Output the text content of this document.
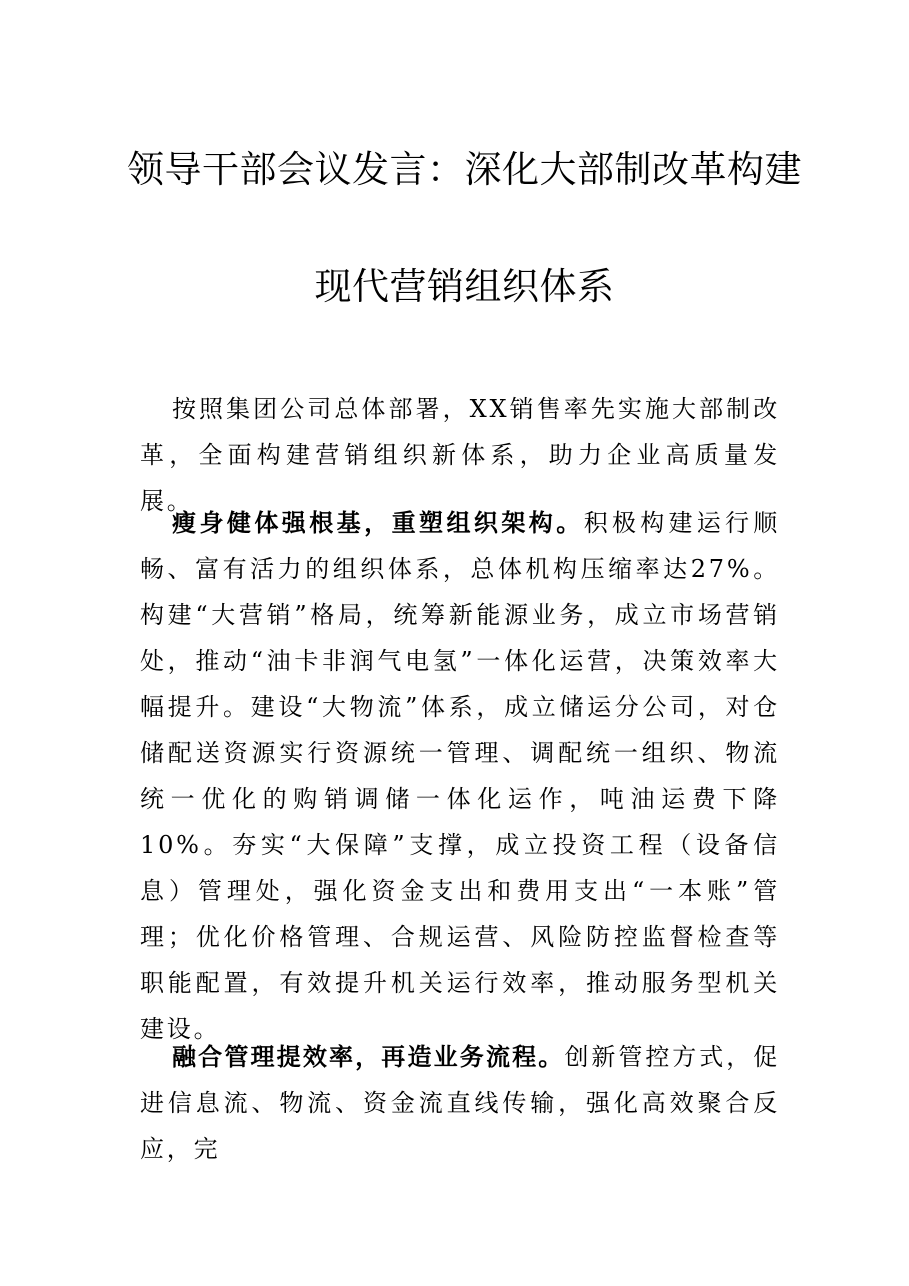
领导干部会议发言：深化大部制改革构建
现代营销组织体系

按照集团公司总体部署，XX销售率先实施大部制改革，全面构建营销组织新体系，助力企业高质量发展。

瘦身健体强根基，重塑组织架构。积极构建运行顺畅、富有活力的组织体系，总体机构压缩率达27%。构建“大营销”格局，统筹新能源业务，成立市场营销处，推动“油卡非润气电氢”一体化运营，决策效率大幅提升。建设“大物流”体系，成立储运分公司，对仓储配送资源实行资源统一管理、调配统一组织、物流统一优化的购销调储一体化运作，吨油运费下降10%。夯实“大保障”支撑，成立投资工程（设备信息）管理处，强化资金支出和费用支出“一本账”管理；优化价格管理、合规运营、风险防控监督检查等职能配置，有效提升机关运行效率，推动服务型机关建设。

融合管理提效率，再造业务流程。创新管控方式，促进信息流、物流、资金流直线传输，强化高效聚合反应，完
